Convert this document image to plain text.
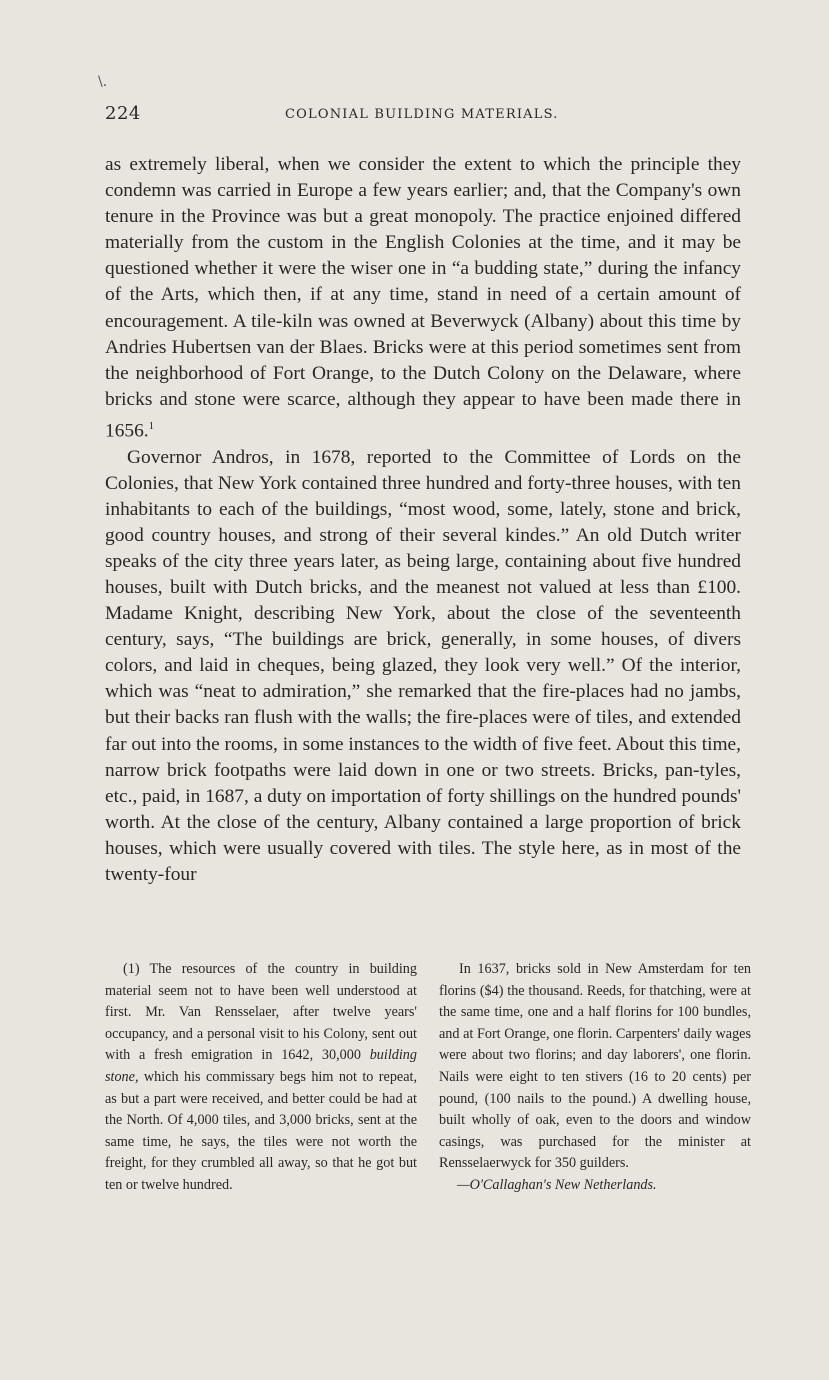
\.
224	COLONIAL BUILDING MATERIALS.

as extremely liberal, when we consider the extent to which the principle they condemn was carried in Europe a few years earlier; and, that the Company's own tenure in the Province was but a great monopoly. The practice enjoined differed materially from the custom in the English Colonies at the time, and it may be questioned whether it were the wiser one in “a budding state,” during the infancy of the Arts, which then, if at any time, stand in need of a certain amount of encouragement. A tile-kiln was owned at Beverwyck (Albany) about this time by Andries Hubertsen van der Blaes. Bricks were at this period sometimes sent from the neighborhood of Fort Orange, to the Dutch Colony on the Delaware, where bricks and stone were scarce, although they appear to have been made there in 1656.$^1$

Governor Andros, in 1678, reported to the Committee of Lords on the Colonies, that New York contained three hundred and forty-three houses, with ten inhabitants to each of the buildings, “most wood, some, lately, stone and brick, good country houses, and strong of their several kindes.” An old Dutch writer speaks of the city three years later, as being large, containing about five hundred houses, built with Dutch bricks, and the meanest not valued at less than £100. Madame Knight, describing New York, about the close of the seventeenth century, says, “The buildings are brick, generally, in some houses, of divers colors, and laid in cheques, being glazed, they look very well.” Of the interior, which was “neat to admiration,” she remarked that the fire-places had no jambs, but their backs ran flush with the walls; the fire-places were of tiles, and extended far out into the rooms, in some instances to the width of five feet. About this time, narrow brick footpaths were laid down in one or two streets. Bricks, pan-tyles, etc., paid, in 1687, a duty on importation of forty shillings on the hundred pounds' worth. At the close of the century, Albany contained a large proportion of brick houses, which were usually covered with tiles. The style here, as in most of the twenty-four

(1) The resources of the country in building material seem not to have been well understood at first. Mr. Van Rensselaer, after twelve years' occupancy, and a personal visit to his Colony, sent out with a fresh emigration in 1642, 30,000 building stone, which his commissary begs him not to repeat, as but a part were received, and better could be had at the North. Of 4,000 tiles, and 3,000 bricks, sent at the same time, he says, the tiles were not worth the freight, for they crumbled all away, so that he got but ten or twelve hundred.

In 1637, bricks sold in New Amsterdam for ten florins ($4) the thousand. Reeds, for thatching, were at the same time, one and a half florins for 100 bundles, and at Fort Orange, one florin. Carpenters' daily wages were about two florins; and day laborers', one florin. Nails were eight to ten stivers (16 to 20 cents) per pound, (100 nails to the pound.) A dwelling house, built wholly of oak, even to the doors and window casings, was purchased for the minister at Rensselaerwyck for 350 guilders.

—O'Callaghan's New Netherlands.
